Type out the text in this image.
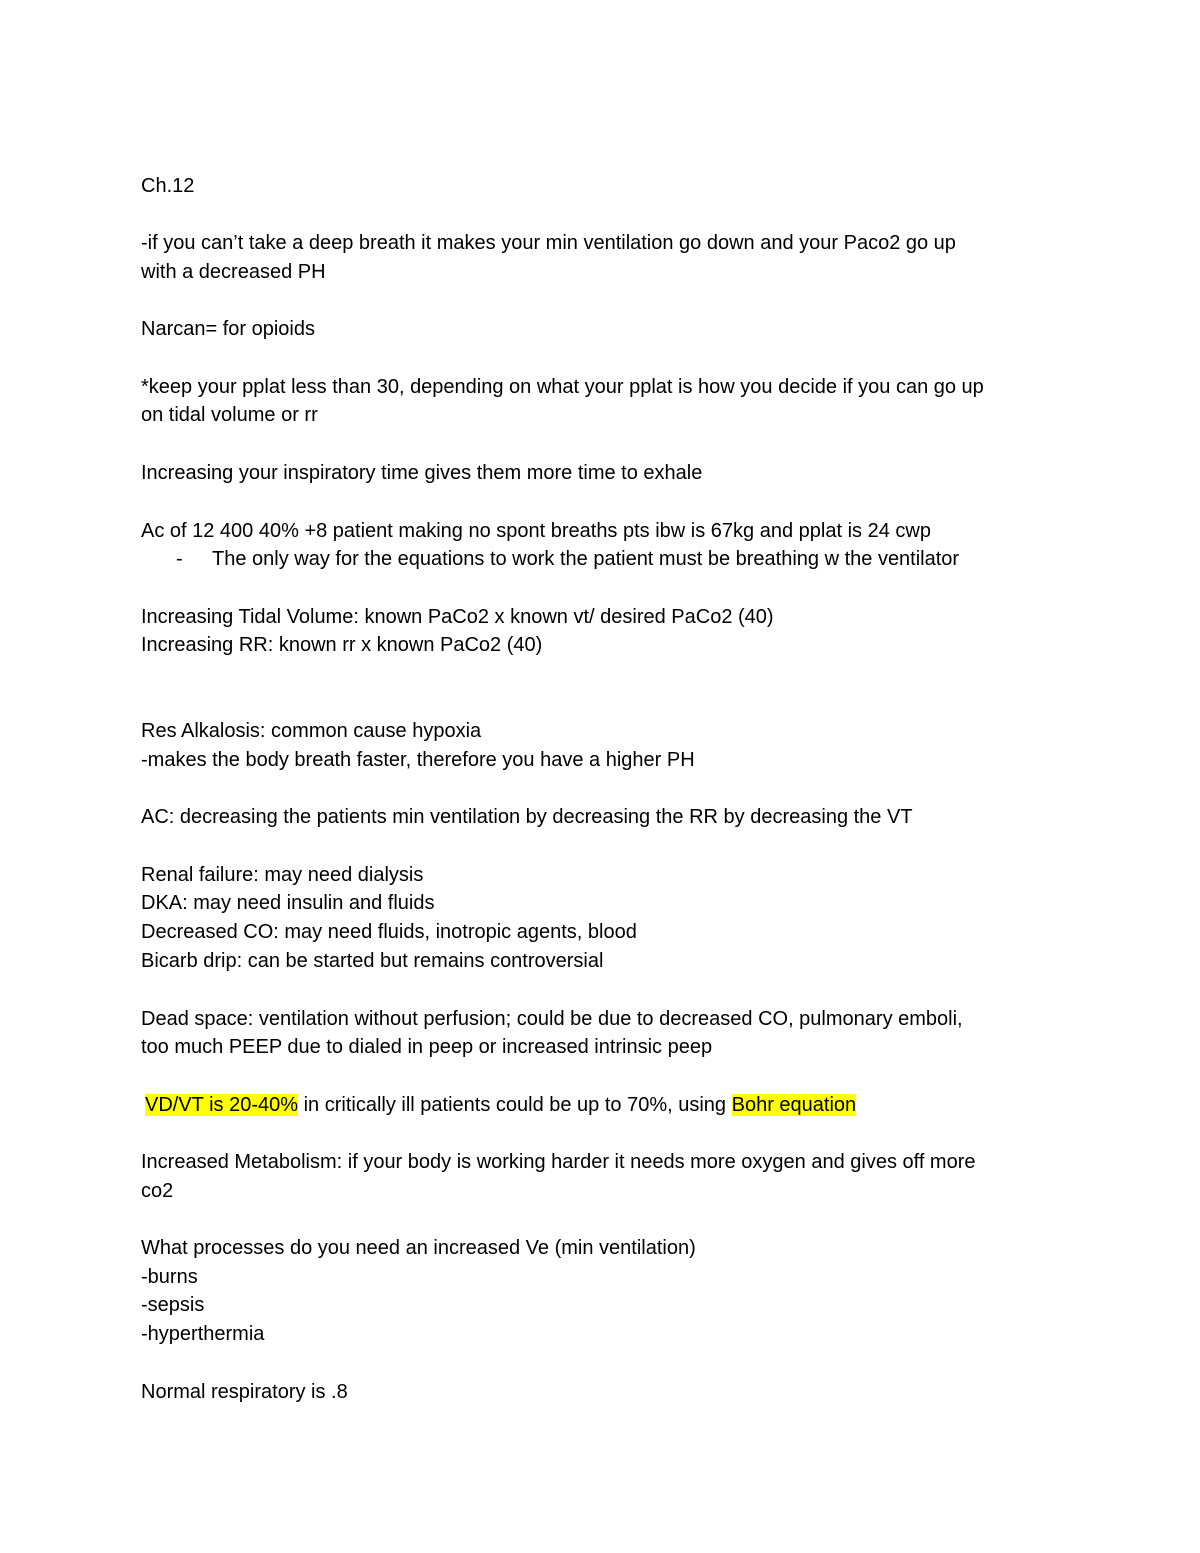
Ch.12
-if you can’t take a deep breath it makes your min ventilation go down and your Paco2 go up
with a decreased PH
Narcan= for opioids
*keep your pplat less than 30, depending on what your pplat is how you decide if you can go up
on tidal volume or rr
Increasing your inspiratory time gives them more time to exhale
Ac of 12 400 40% +8 patient making no spont breaths pts ibw is 67kg and pplat is 24 cwp
- The only way for the equations to work the patient must be breathing w the ventilator
Increasing Tidal Volume: known PaCo2 x known vt/ desired PaCo2 (40)
Increasing RR: known rr x known PaCo2 (40)
Res Alkalosis: common cause hypoxia
-makes the body breath faster, therefore you have a higher PH
AC: decreasing the patients min ventilation by decreasing the RR by decreasing the VT
Renal failure: may need dialysis
DKA: may need insulin and fluids
Decreased CO: may need fluids, inotropic agents, blood
Bicarb drip: can be started but remains controversial
Dead space: ventilation without perfusion; could be due to decreased CO, pulmonary emboli,
too much PEEP due to dialed in peep or increased intrinsic peep
VD/VT is 20-40% in critically ill patients could be up to 70%, using Bohr equation
Increased Metabolism: if your body is working harder it needs more oxygen and gives off more
co2
What processes do you need an increased Ve (min ventilation)
-burns
-sepsis
-hyperthermia
Normal respiratory is .8
